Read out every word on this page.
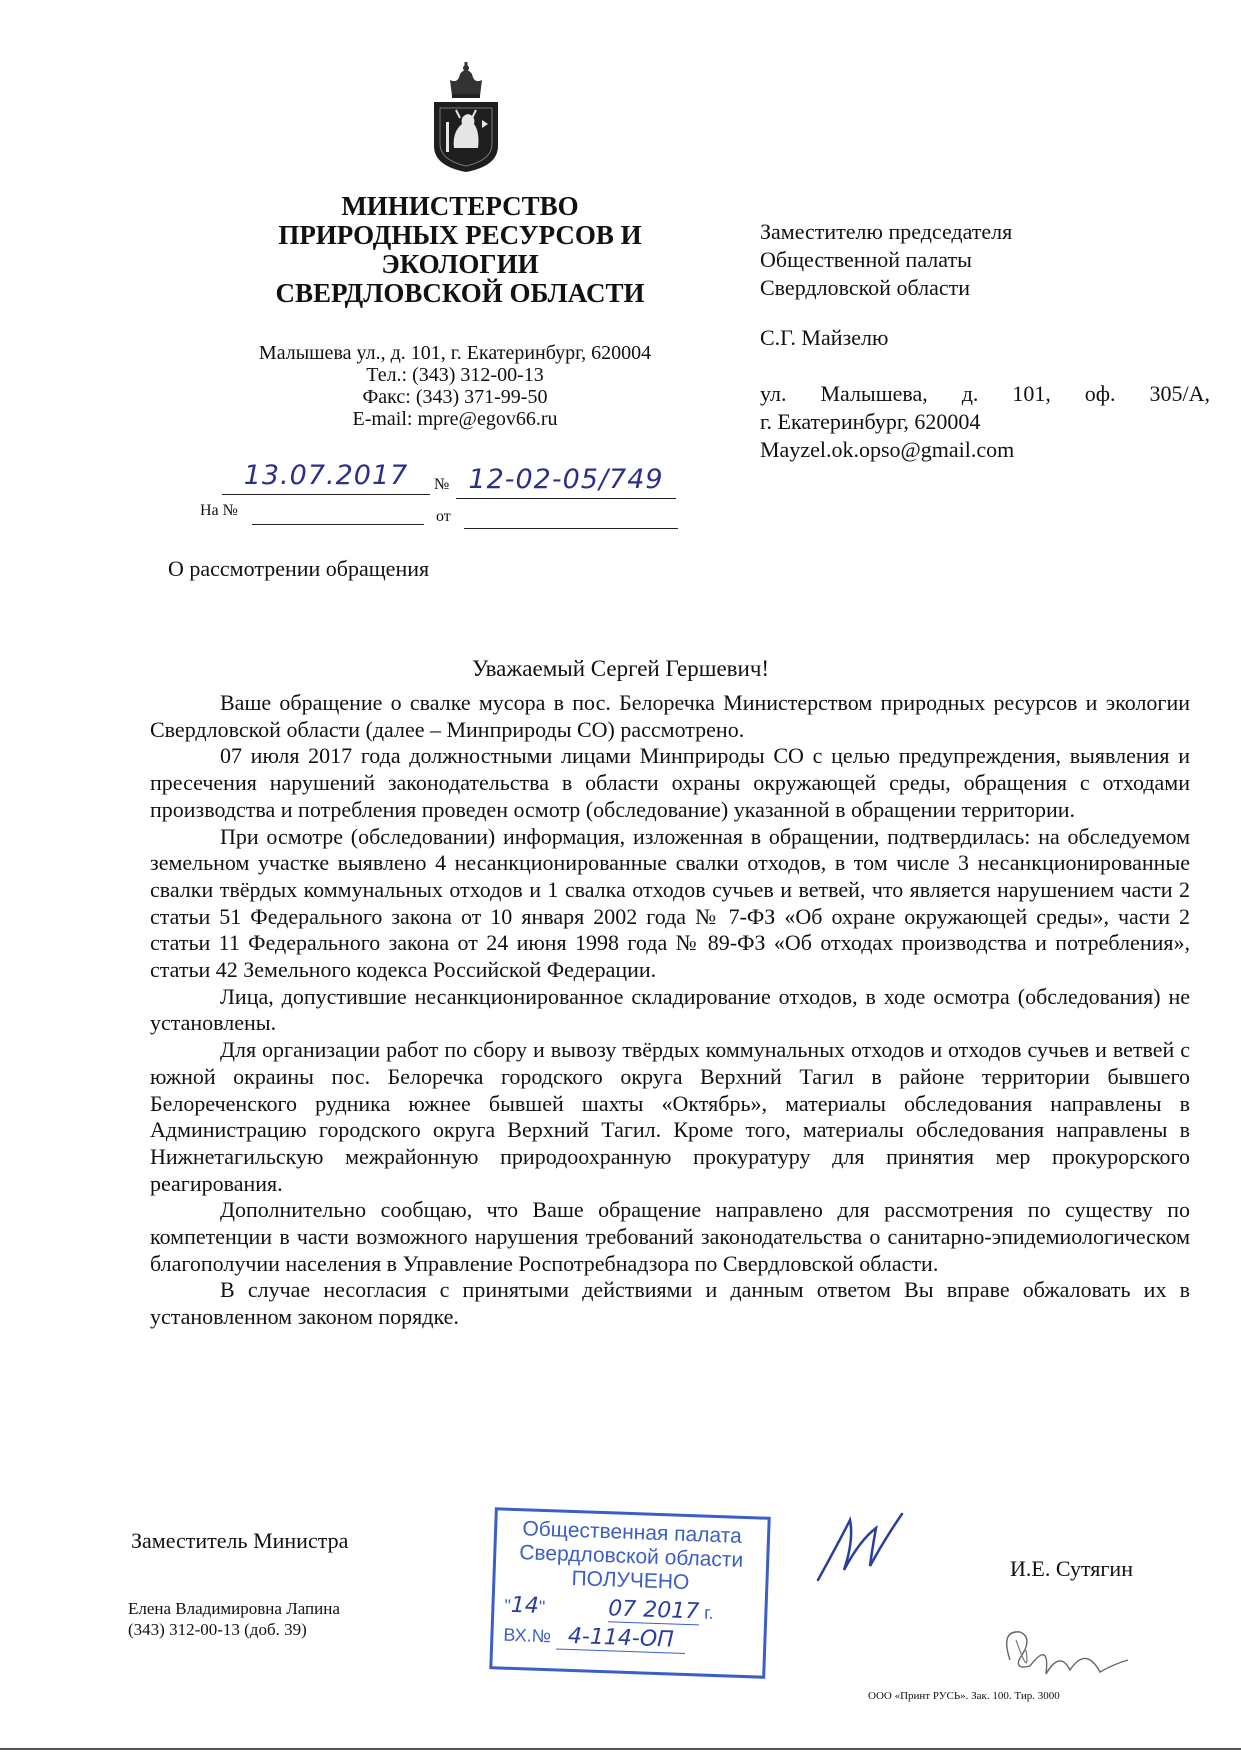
МИНИСТЕРСТВО
ПРИРОДНЫХ РЕСУРСОВ И
ЭКОЛОГИИ
СВЕРДЛОВСКОЙ ОБЛАСТИ
Малышева ул., д. 101, г. Екатеринбург, 620004
Тел.: (343) 312-00-13
Факс: (343) 371-99-50
E-mail: mpre@egov66.ru
13.07.2017	№ 12-02-05/749
На №	от
Заместителю председателя
Общественной палаты
Свердловской области
С.Г. Майзелю
ул. Малышева, д. 101, оф. 305/А,
г. Екатеринбург, 620004
Mayzel.ok.opso@gmail.com
О рассмотрении обращения
Уважаемый Сергей Гершевич!

Ваше обращение о свалке мусора в пос. Белоречка Министерством природных ресурсов и экологии Свердловской области (далее – Минприроды СО) рассмотрено.

07 июля 2017 года должностными лицами Минприроды СО с целью предупреждения, выявления и пресечения нарушений законодательства в области охраны окружающей среды, обращения с отходами производства и потребления проведен осмотр (обследование) указанной в обращении территории.

При осмотре (обследовании) информация, изложенная в обращении, подтвердилась: на обследуемом земельном участке выявлено 4 несанкционированные свалки отходов, в том числе 3 несанкционированные свалки твёрдых коммунальных отходов и 1 свалка отходов сучьев и ветвей, что является нарушением части 2 статьи 51 Федерального закона от 10 января 2002 года № 7-ФЗ «Об охране окружающей среды», части 2 статьи 11 Федерального закона от 24 июня 1998 года № 89-ФЗ «Об отходах производства и потребления», статьи 42 Земельного кодекса Российской Федерации.

Лица, допустившие несанкционированное складирование отходов, в ходе осмотра (обследования) не установлены.

Для организации работ по сбору и вывозу твёрдых коммунальных отходов и отходов сучьев и ветвей с южной окраины пос. Белоречка городского округа Верхний Тагил в районе территории бывшего Белореченского рудника южнее бывшей шахты «Октябрь», материалы обследования направлены в Администрацию городского округа Верхний Тагил. Кроме того, материалы обследования направлены в Нижнетагильскую межрайонную природоохранную прокуратуру для принятия мер прокурорского реагирования.

Дополнительно сообщаю, что Ваше обращение направлено для рассмотрения по существу по компетенции в части возможного нарушения требований законодательства о санитарно-эпидемиологическом благополучии населения в Управление Роспотребнадзора по Свердловской области.

В случае несогласия с принятыми действиями и данным ответом Вы вправе обжаловать их в установленном законом порядке.

Заместитель Министра
И.Е. Сутягин
Елена Владимировна Лапина
(343) 312-00-13 (доб. 39)
Общественная палата
Свердловской области
ПОЛУЧЕНО
"14"	07 2017 г.
ВХ.№ 4-114-ОП
ООО «Принт РУСЬ». Зак. 100. Тир. 3000
